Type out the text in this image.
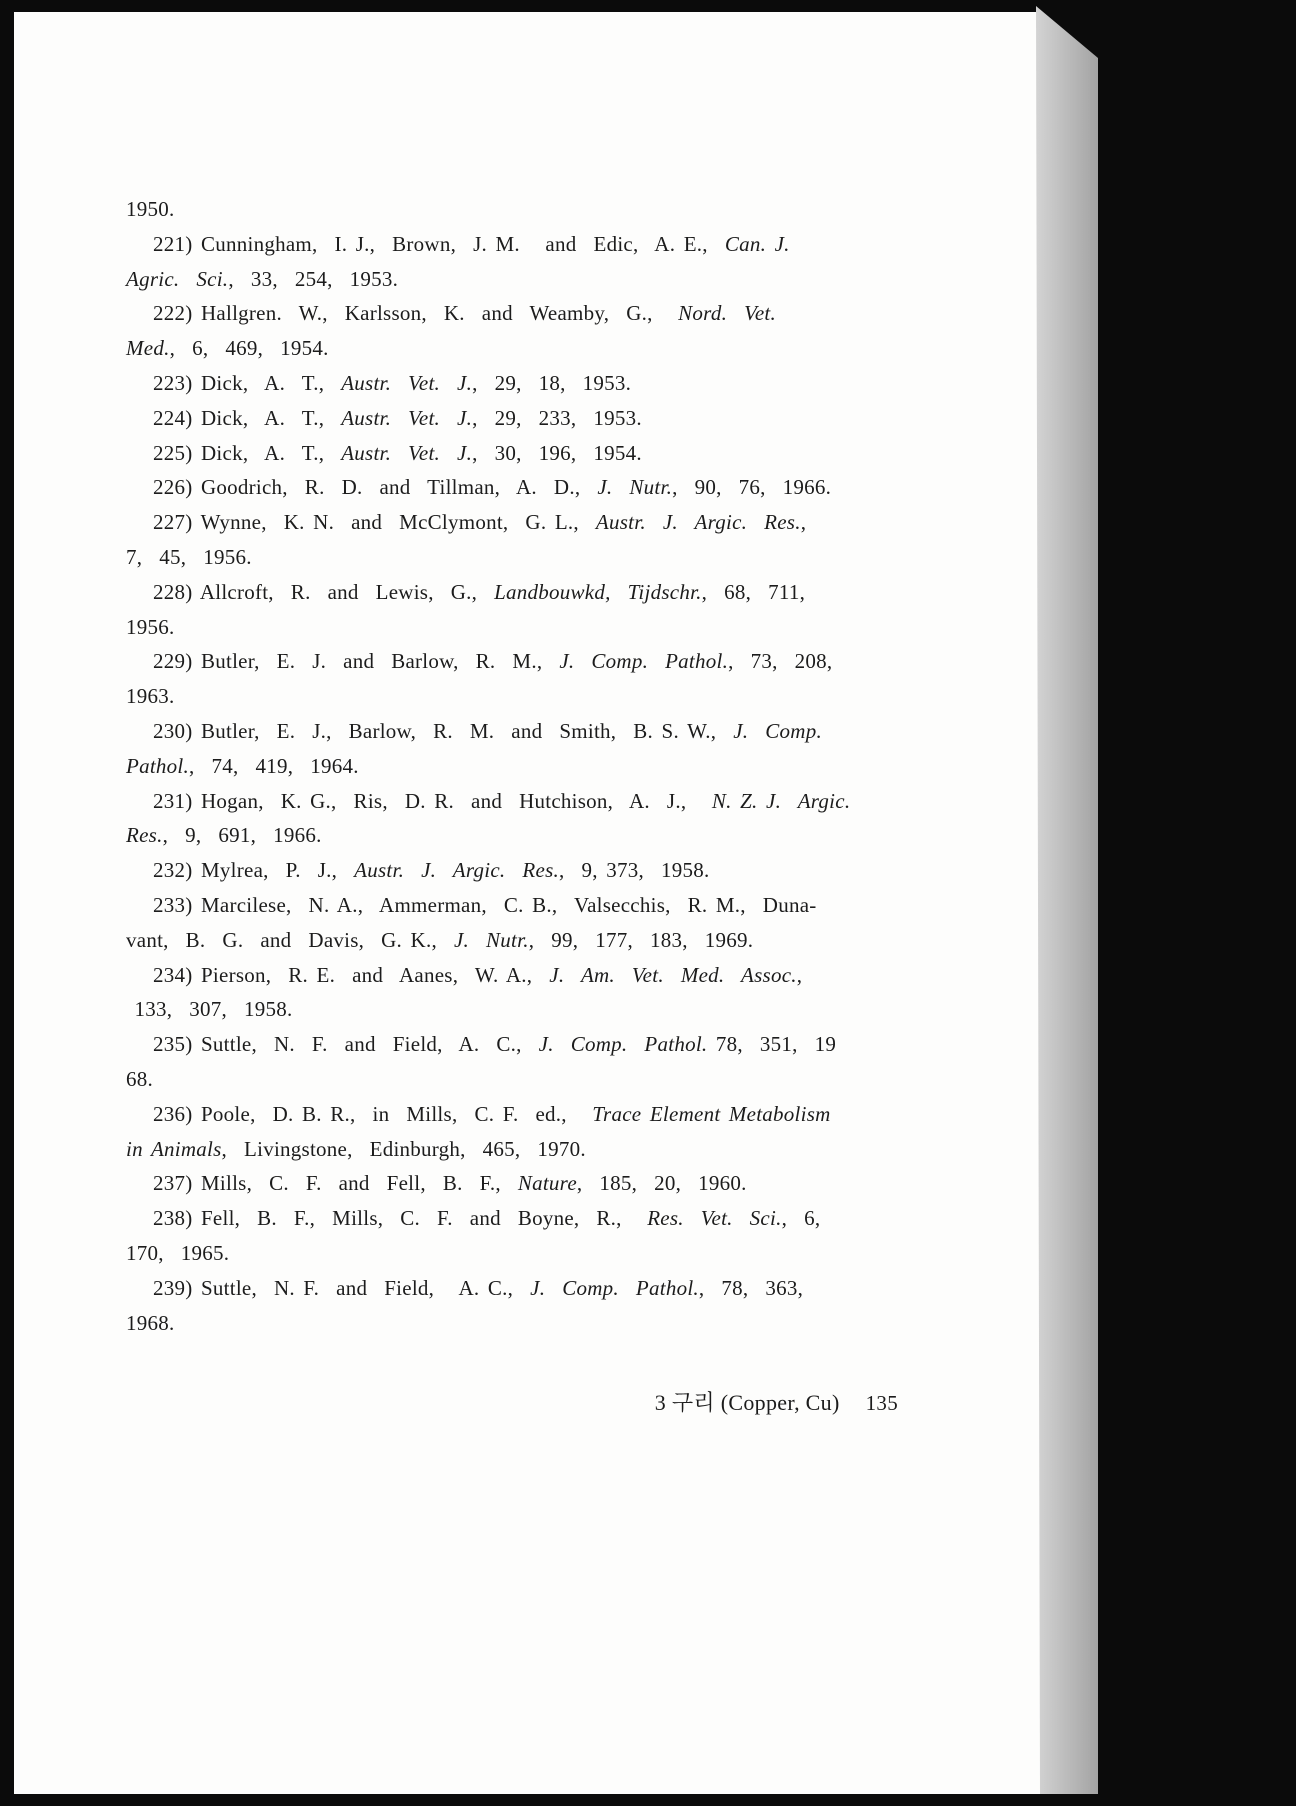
1950.
221) Cunningham,  I. J.,  Brown,  J. M.   and  Edic,  A. E.,  Can. J.
Agric.  Sci.,  33,  254,  1953.
222) Hallgren.  W.,  Karlsson,  K.  and  Weamby,  G.,   Nord.  Vet.
Med.,  6,  469,  1954.
223) Dick,  A.  T.,  Austr.  Vet.  J.,  29,  18,  1953.
224) Dick,  A.  T.,  Austr.  Vet.  J.,  29,  233,  1953.
225) Dick,  A.  T.,  Austr.  Vet.  J.,  30,  196,  1954.
226) Goodrich,  R.  D.  and  Tillman,  A.  D.,  J.  Nutr.,  90,  76,  1966.
227) Wynne,  K. N.  and  McClymont,  G. L.,  Austr.  J.  Argic.  Res.,
7,  45,  1956.
228) Allcroft,  R.  and  Lewis,  G.,  Landbouwkd,  Tijdschr.,  68,  711,
1956.
229) Butler,  E.  J.  and  Barlow,  R.  M.,  J.  Comp.  Pathol.,  73,  208,
1963.
230) Butler,  E.  J.,  Barlow,  R.  M.  and  Smith,  B. S. W.,  J.  Comp.
Pathol.,  74,  419,  1964.
231) Hogan,  K. G.,  Ris,  D. R.  and  Hutchison,  A.  J.,   N. Z. J.  Argic.
Res.,  9,  691,  1966.
232) Mylrea,  P.  J.,  Austr.  J.  Argic.  Res.,  9, 373,  1958.
233) Marcilese,  N. A.,  Ammerman,  C. B.,  Valsecchis,  R. M.,  Duna-
vant,  B.  G.  and  Davis,  G. K.,  J.  Nutr.,  99,  177,  183,  1969.
234) Pierson,  R. E.  and  Aanes,  W. A.,  J.  Am.  Vet.  Med.  Assoc.,
133,  307,  1958.
235) Suttle,  N.  F.  and  Field,  A.  C.,  J.  Comp.  Pathol. 78,  351,  19
68.
236) Poole,  D. B. R.,  in  Mills,  C. F.  ed.,   Trace Element Metabolism
in Animals,  Livingstone,  Edinburgh,  465,  1970.
237) Mills,  C.  F.  and  Fell,  B.  F.,  Nature,  185,  20,  1960.
238) Fell,  B.  F.,  Mills,  C.  F.  and  Boyne,  R.,   Res.  Vet.  Sci.,  6,
170,  1965.
239) Suttle,  N. F.  and  Field,   A. C.,  J.  Comp.  Pathol.,  78,  363,
1968.

3 구리 (Copper, Cu) 135
